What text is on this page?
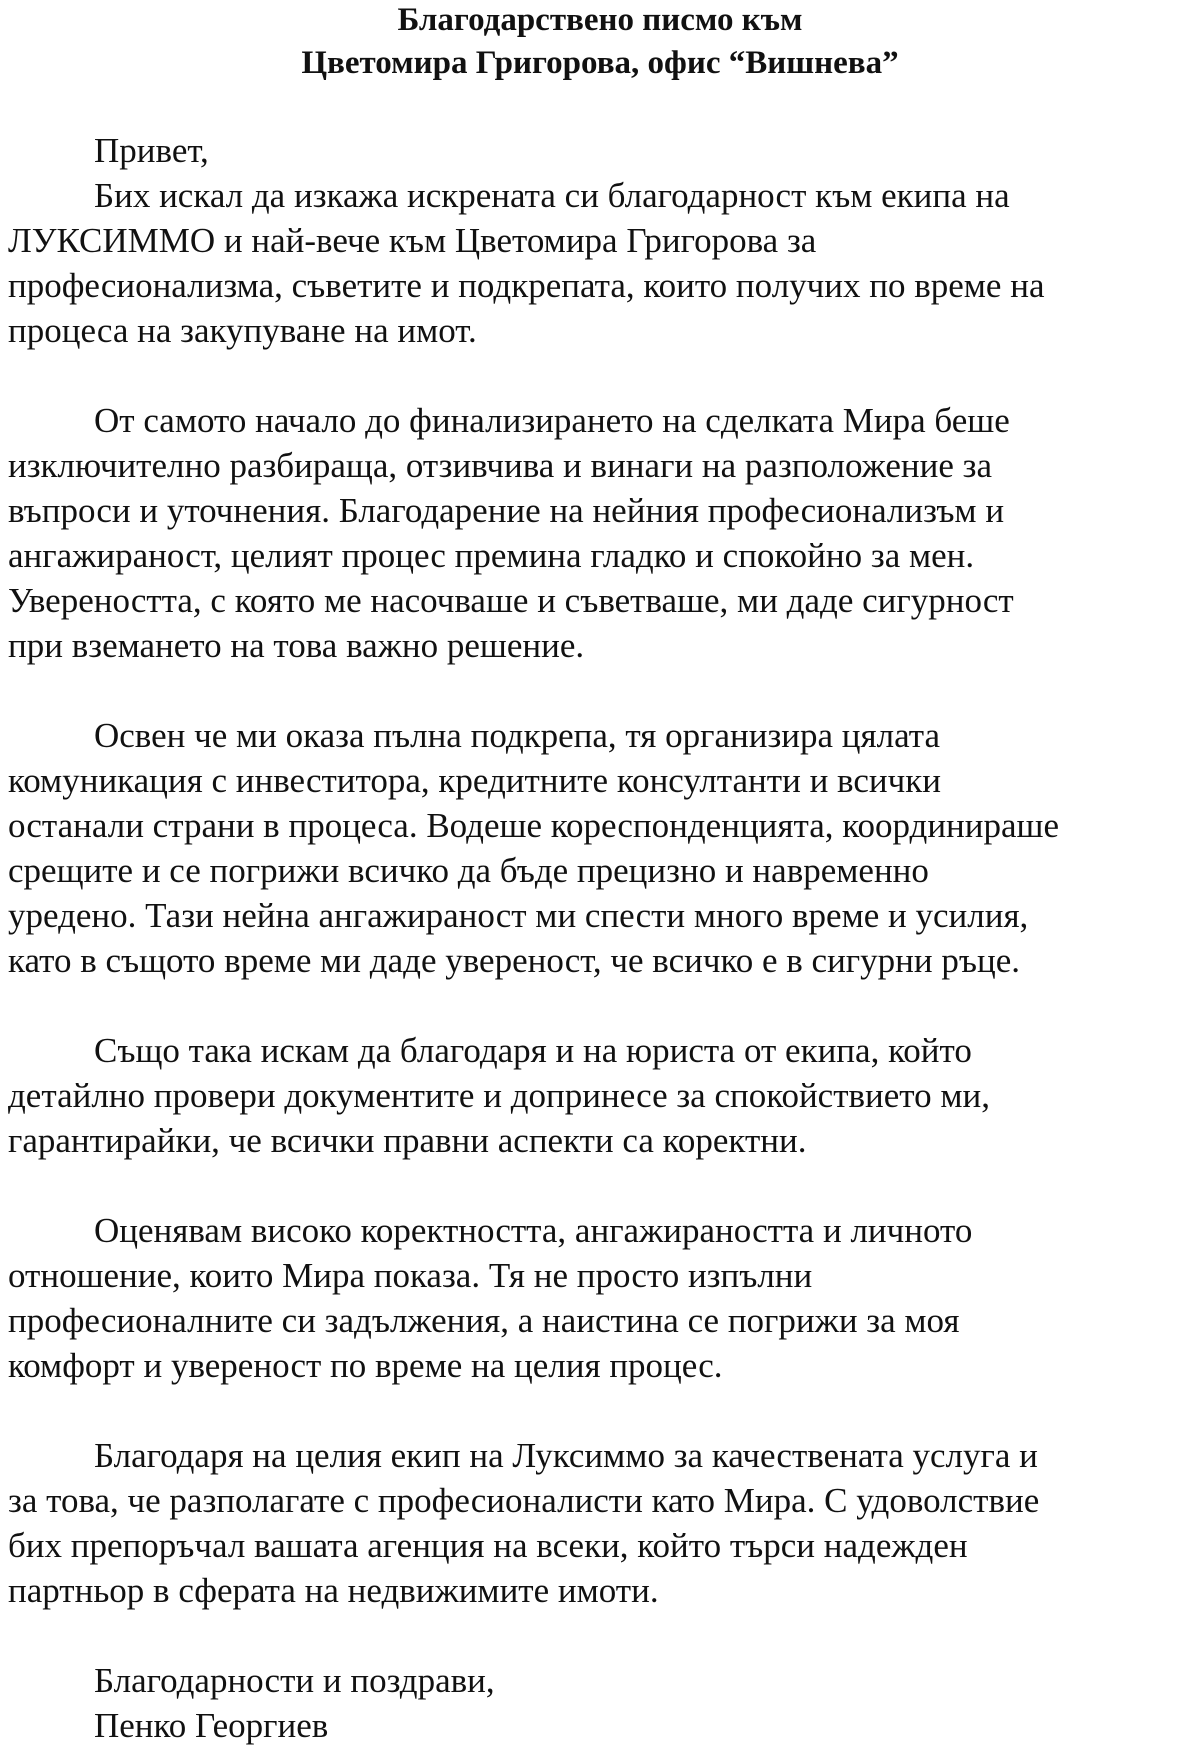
Благодарствено писмо към
Цветомира Григорова, офис “Вишнева”
Привет,
Бих искал да изкажа искрената си благодарност към екипа на
ЛУКСИММО и най-вече към Цветомира Григорова за
професионализма, съветите и подкрепата, които получих по време на
процеса на закупуване на имот.
От самото начало до финализирането на сделката Мира беше
изключително разбираща, отзивчива и винаги на разположение за
въпроси и уточнения. Благодарение на нейния професионализъм и
ангажираност, целият процес премина гладко и спокойно за мен.
Увереността, с която ме насочваше и съветваше, ми даде сигурност
при вземането на това важно решение.
Освен че ми оказа пълна подкрепа, тя организира цялата
комуникация с инвеститора, кредитните консултанти и всички
останали страни в процеса. Водеше кореспонденцията, координираше
срещите и се погрижи всичко да бъде прецизно и навременно
уредено. Тази нейна ангажираност ми спести много време и усилия,
като в същото време ми даде увереност, че всичко е в сигурни ръце.
Също така искам да благодаря и на юриста от екипа, който
детайлно провери документите и допринесе за спокойствието ми,
гарантирайки, че всички правни аспекти са коректни.
Оценявам високо коректността, ангажираността и личното
отношение, които Мира показа. Тя не просто изпълни
професионалните си задължения, а наистина се погрижи за моя
комфорт и увереност по време на целия процес.
Благодаря на целия екип на Луксиммо за качествената услуга и
за това, че разполагате с професионалисти като Мира. С удоволствие
бих препоръчал вашата агенция на всеки, който търси надежден
партньор в сферата на недвижимите имоти.
Благодарности и поздрави,
Пенко Георгиев
